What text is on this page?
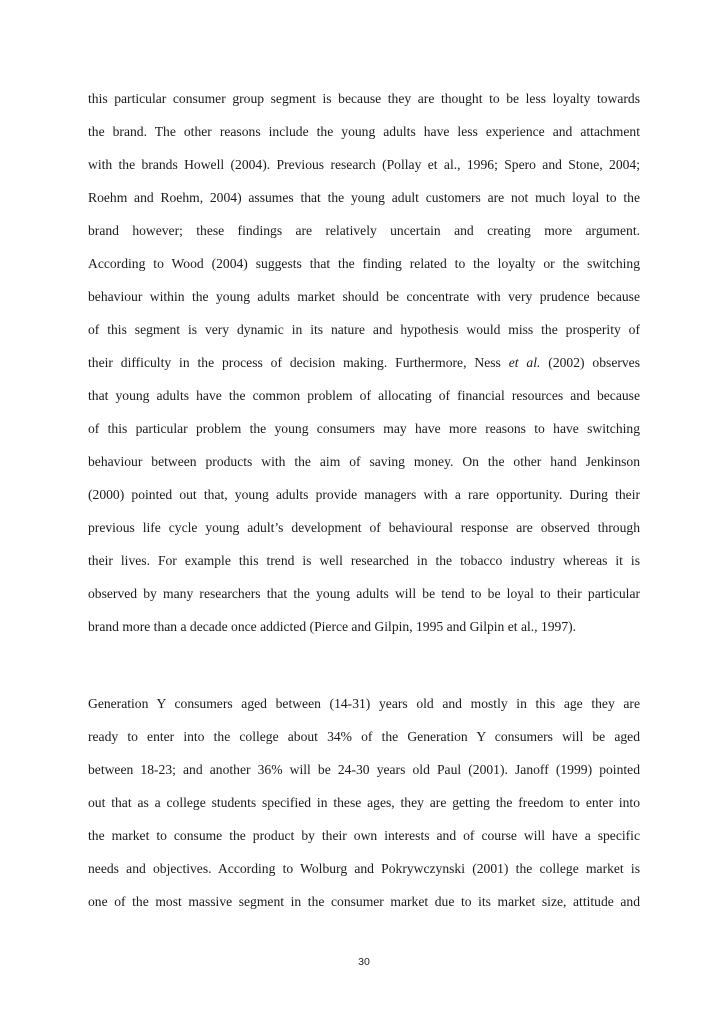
this particular consumer group segment is because they are thought to be less loyalty towards
the brand. The other reasons include the young adults have less experience and attachment
with the brands Howell (2004). Previous research (Pollay et al., 1996; Spero and Stone, 2004;
Roehm and Roehm, 2004) assumes that the young adult customers are not much loyal to the
brand however; these findings are relatively uncertain and creating more argument.
According to Wood (2004) suggests that the finding related to the loyalty or the switching
behaviour within the young adults market should be concentrate with very prudence because
of this segment is very dynamic in its nature and hypothesis would miss the prosperity of
their difficulty in the process of decision making. Furthermore, Ness et al. (2002) observes
that young adults have the common problem of allocating of financial resources and because
of this particular problem the young consumers may have more reasons to have switching
behaviour between products with the aim of saving money. On the other hand Jenkinson
(2000) pointed out that, young adults provide managers with a rare opportunity. During their
previous life cycle young adult’s development of behavioural response are observed through
their lives. For example this trend is well researched in the tobacco industry whereas it is
observed by many researchers that the young adults will be tend to be loyal to their particular
brand more than a decade once addicted (Pierce and Gilpin, 1995 and Gilpin et al., 1997).
Generation Y consumers aged between (14-31) years old and mostly in this age they are
ready to enter into the college about 34% of the Generation Y consumers will be aged
between 18-23; and another 36% will be 24-30 years old Paul (2001). Janoff (1999) pointed
out that as a college students specified in these ages, they are getting the freedom to enter into
the market to consume the product by their own interests and of course will have a specific
needs and objectives. According to Wolburg and Pokrywczynski (2001) the college market is
one of the most massive segment in the consumer market due to its market size, attitude and
30
